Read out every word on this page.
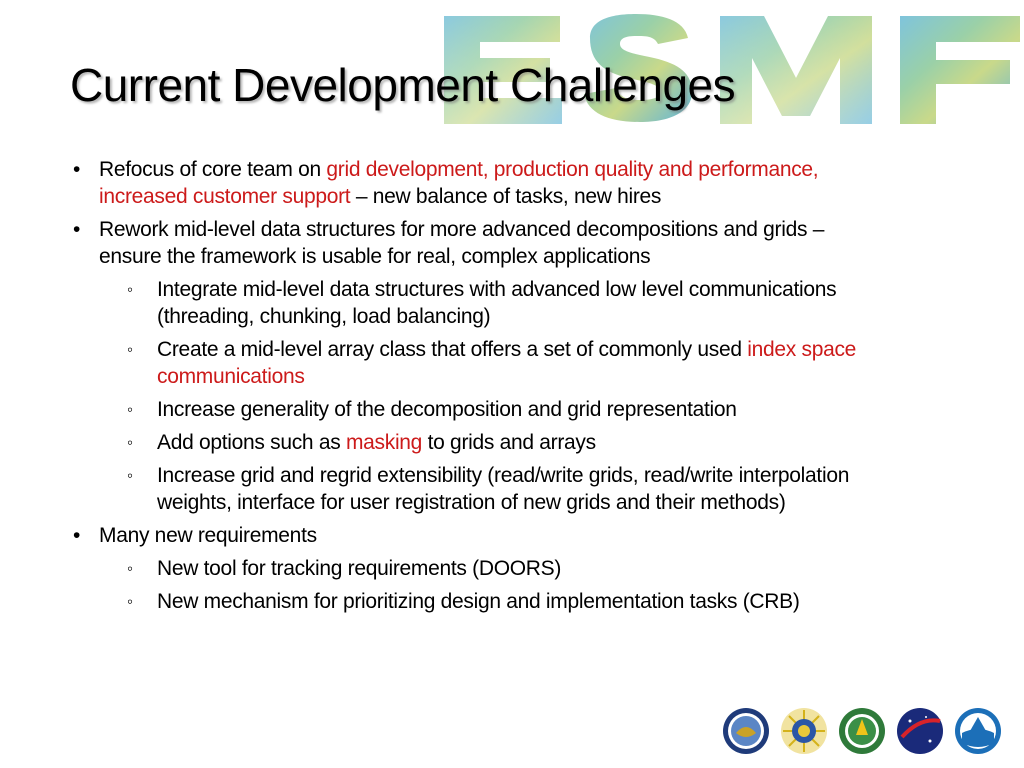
Current Development Challenges
• Refocus of core team on grid development, production quality and performance, increased customer support – new balance of tasks, new hires
• Rework mid-level data structures for more advanced decompositions and grids – ensure the framework is usable for real, complex applications
◦ Integrate mid-level data structures with advanced low level communications (threading, chunking, load balancing)
◦ Create a mid-level array class that offers a set of commonly used index space communications
◦ Increase generality of the decomposition and grid representation
◦ Add options such as masking to grids and arrays
◦ Increase grid and regrid extensibility (read/write grids, read/write interpolation weights, interface for user registration of new grids and their methods)
• Many new requirements
◦ New tool for tracking requirements (DOORS)
◦ New mechanism for prioritizing design and implementation tasks (CRB)
